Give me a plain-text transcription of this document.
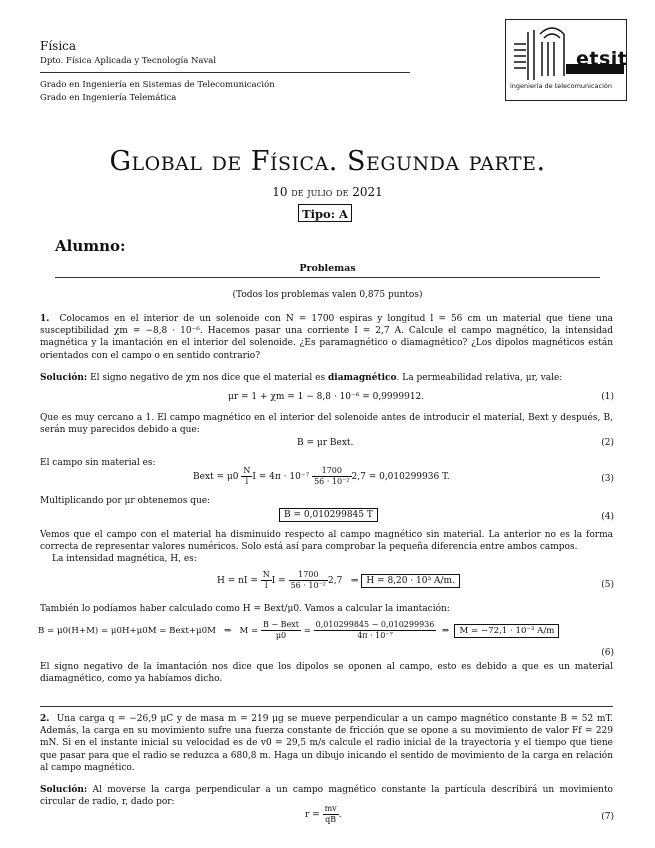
Física
Dpto. Física Aplicada y Tecnología Naval
Grado en Ingeniería en Sistemas de Telecomunicación
Grado en Ingeniería Telemática
etsit
ingeniería de telecomunicación
Global de Física. Segunda parte.
10 de julio de 2021
Tipo: A
Alumno:
Problemas
(Todos los problemas valen 0,875 puntos)
1. Colocamos en el interior de un solenoide con N = 1700 espiras y longitud l = 56 cm un material que tiene una susceptibilidad χm = −8,8 · 10⁻⁶. Hacemos pasar una corriente I = 2,7 A. Calcule el campo magnético, la intensidad magnética y la imantación en el interior del solenoide. ¿Es paramagnético o diamagnético? ¿Los dipolos magnéticos están orientados con el campo o en sentido contrario?
Solución: El signo negativo de χm nos dice que el material es diamagnético. La permeabilidad relativa, μr, vale:
μr = 1 + χm = 1 − 8,8 · 10⁻⁶ = 0,9999912.	(1)
Que es muy cercano a 1. El campo magnético en el interior del solenoide antes de introducir el material, Bext y después, B, serán muy parecidos debido a que:
B = μr Bext.	(2)
El campo sin material es:
Bext = $\mu 0 \frac{N}{l}$ $I = 4\pi \cdot 10^{-7} \frac{1700}{\text{56 · 10⁻²}} 2,7 = 0,010299936$ T.	(3)
Multiplicando por μr obtenemos que:
B = 0,010299845 T	(4)
Vemos que el campo con el material ha disminuido respecto al campo magnético sin material. La anterior no es la forma correcta de representar valores numéricos. Solo está así para comprobar la pequeña diferencia entre ambos campos.
La intensidad magnética, H, es:
H = nI = $\frac{N}{l}$ $I = \frac{1700}{\text{56 · 10⁻²}} 2,7$   ⇒ H = 8,20 · 10³ A/m.	(5)
También lo podíamos haber calculado como H = Bext/μ0. Vamos a calcular la imantación:
B = μ0(H+M) = μ0H+μ0M = Bext+μ0M   ⇒   $M = \frac{\text{B − Bext}}{\mu 0} = \frac{0,010299845 - 0,010299936}{\text{4π · 10⁻⁷}}$ ⇒ M = −72,1 · 10⁻³ A/m
(6)
El signo negativo de la imantación nos dice que los dipolos se oponen al campo, esto es debido a que es un material diamagnético, como ya habíamos dicho.
2. Una carga q = −26,9 μC y de masa m = 219 μg se mueve perpendicular a un campo magnético constante B = 52 mT. Además, la carga en su movimiento sufre una fuerza constante de fricción que se opone a su movimiento de valor Ff = 229 mN. Si en el instante inicial su velocidad es de v0 = 29,5 m/s calcule el radio inicial de la trayectoria y el tiempo que tiene que pasar para que el radio se reduzca a 680,8 m. Haga un dibujo inicando el sentido de movimiento de la carga en relación al campo magnético.
Solución: Al moverse la carga perpendicular a un campo magnético constante la partícula describirá un movimiento circular de radio, r, dado por:
$r = \frac{mv}{qB}$ .	(7)
